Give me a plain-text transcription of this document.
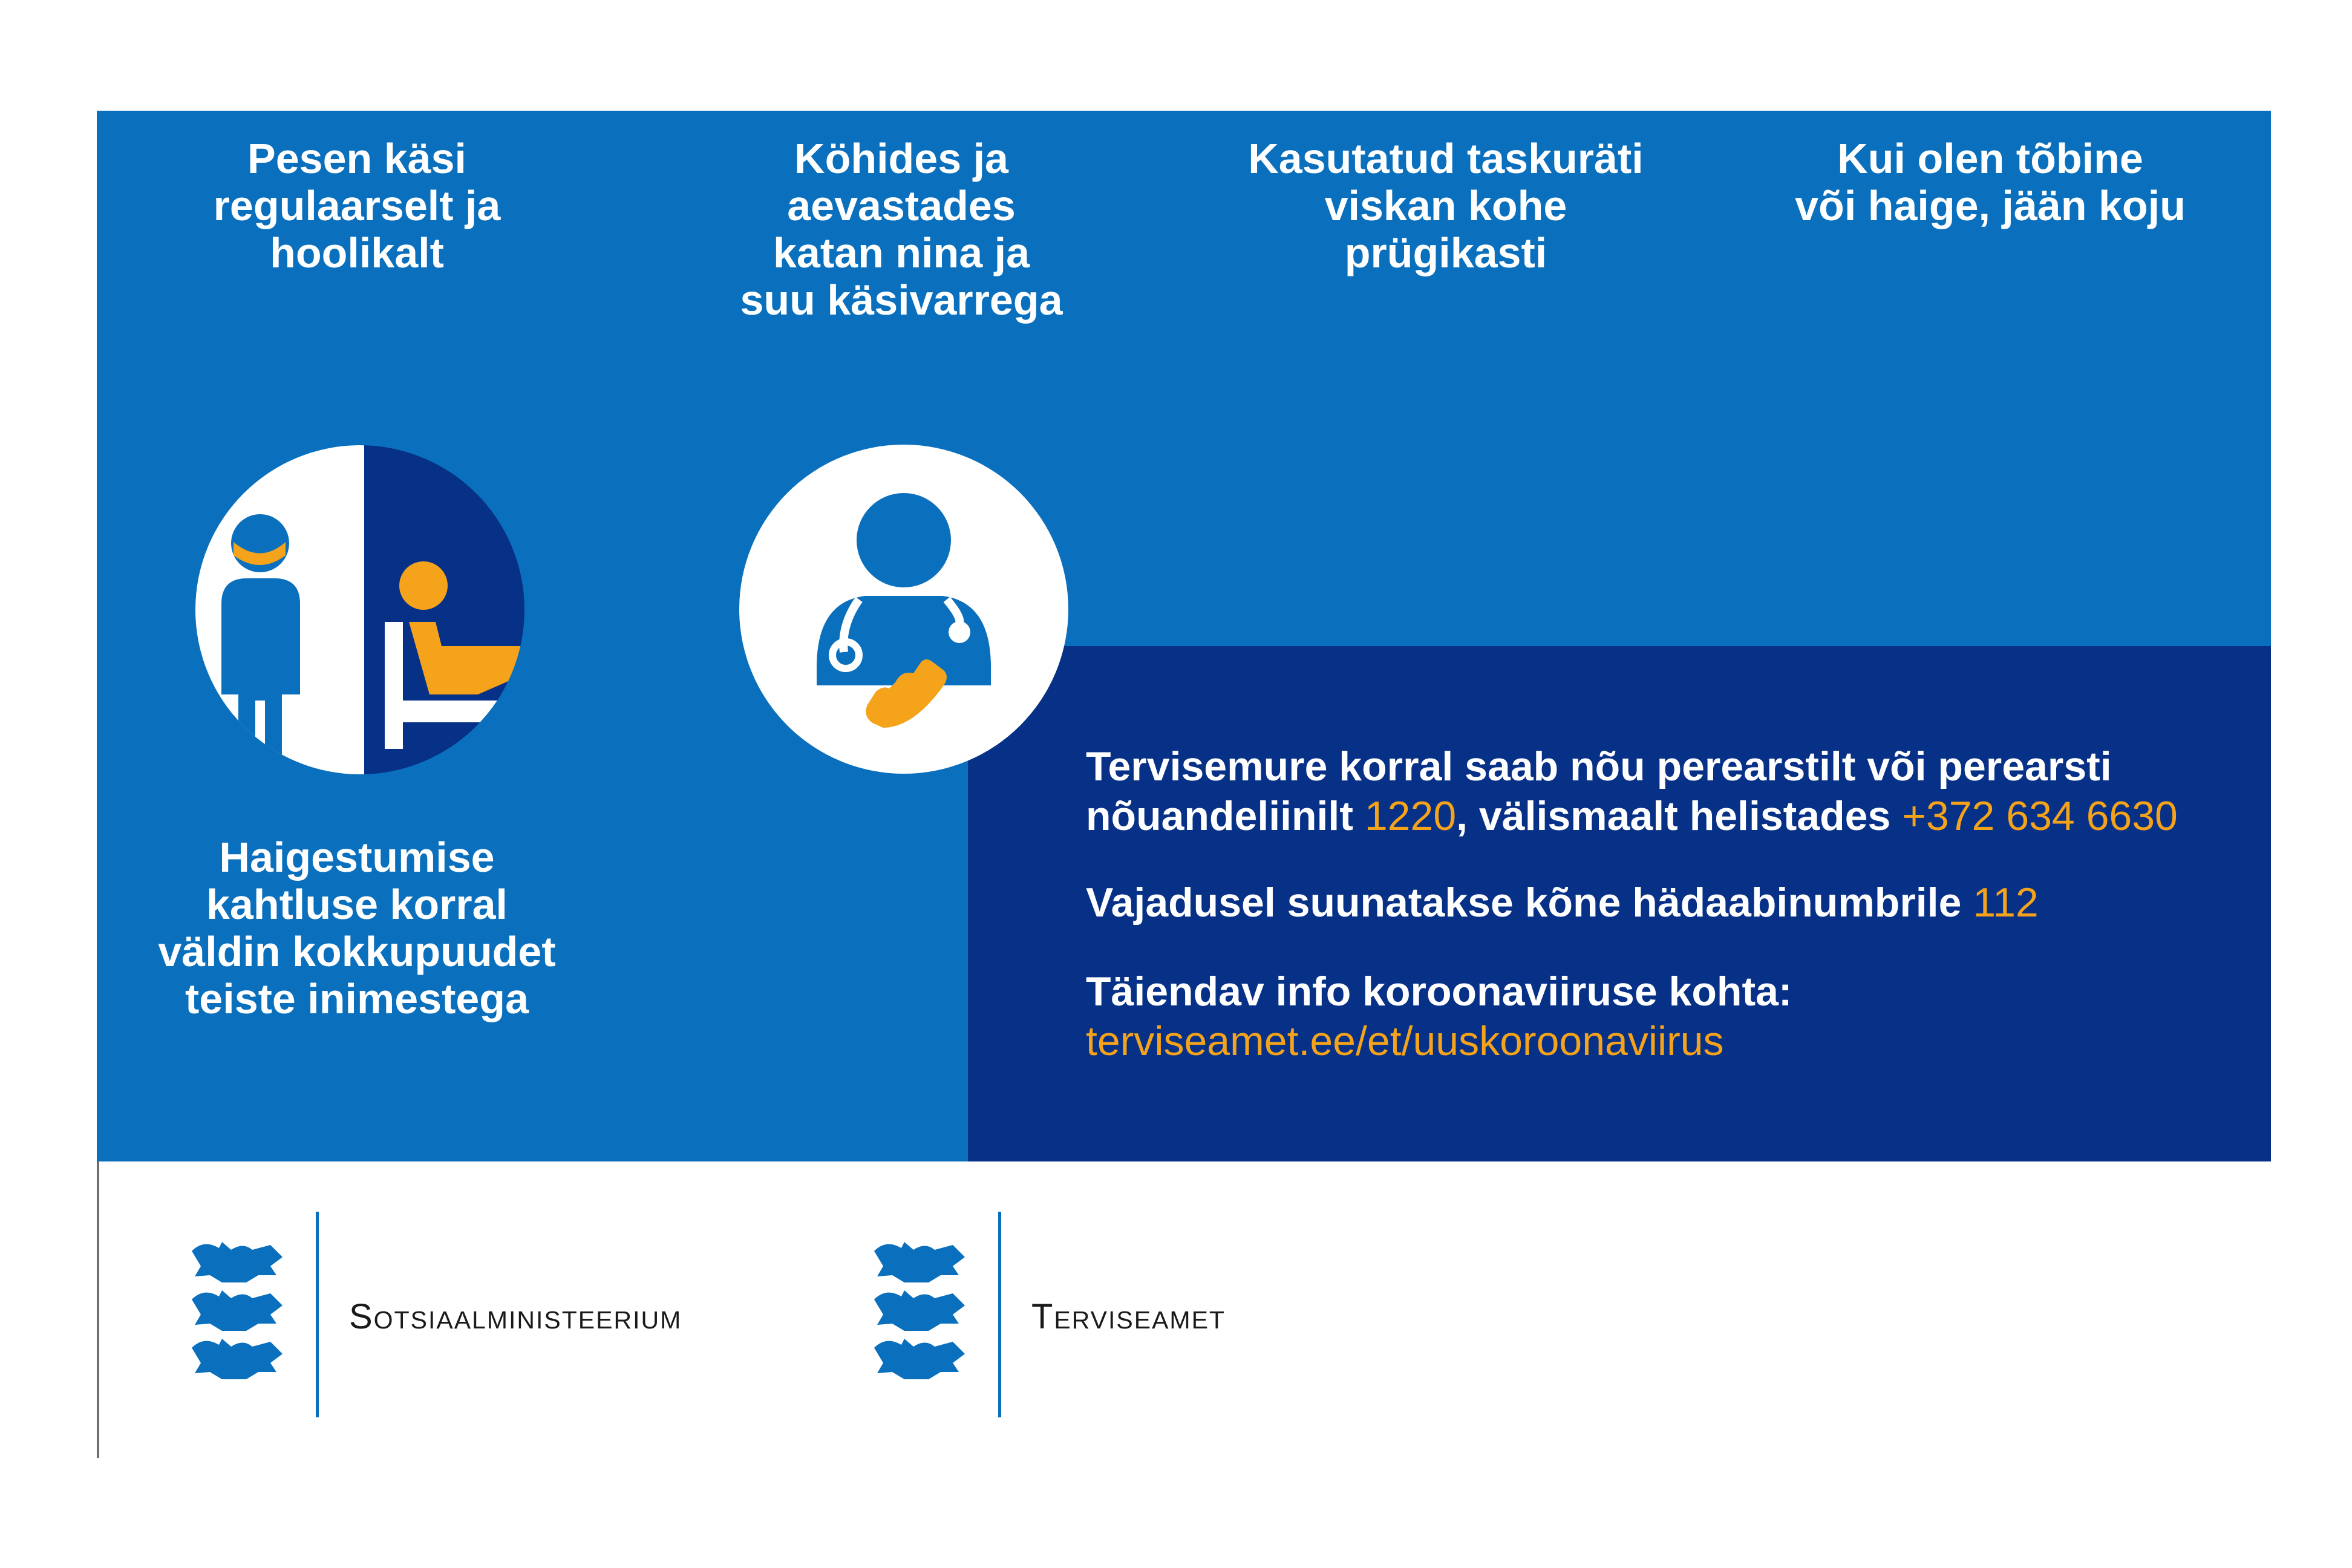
Pesen käsi
regulaarselt ja
hoolikalt
Köhides ja
aevastades
katan nina ja
suu käsivarrega
Kasutatud taskuräti
viskan kohe prügikasti
Kui olen tõbine
või haige, jään koju
Haigestumise
kahtluse korral
väldin kokkupuudet
teiste inimestega
Tervisemure korral saab nõu perearstilt või perearsti
nõuandeliinilt 1220, välismaalt helistades +372 634 6630
Vajadusel suunatakse kõne hädaabinumbrile 112
Täiendav info koroonaviiruse kohta:
terviseamet.ee/et/uuskoroonaviirus
Sotsiaalministeerium	Terviseamet
